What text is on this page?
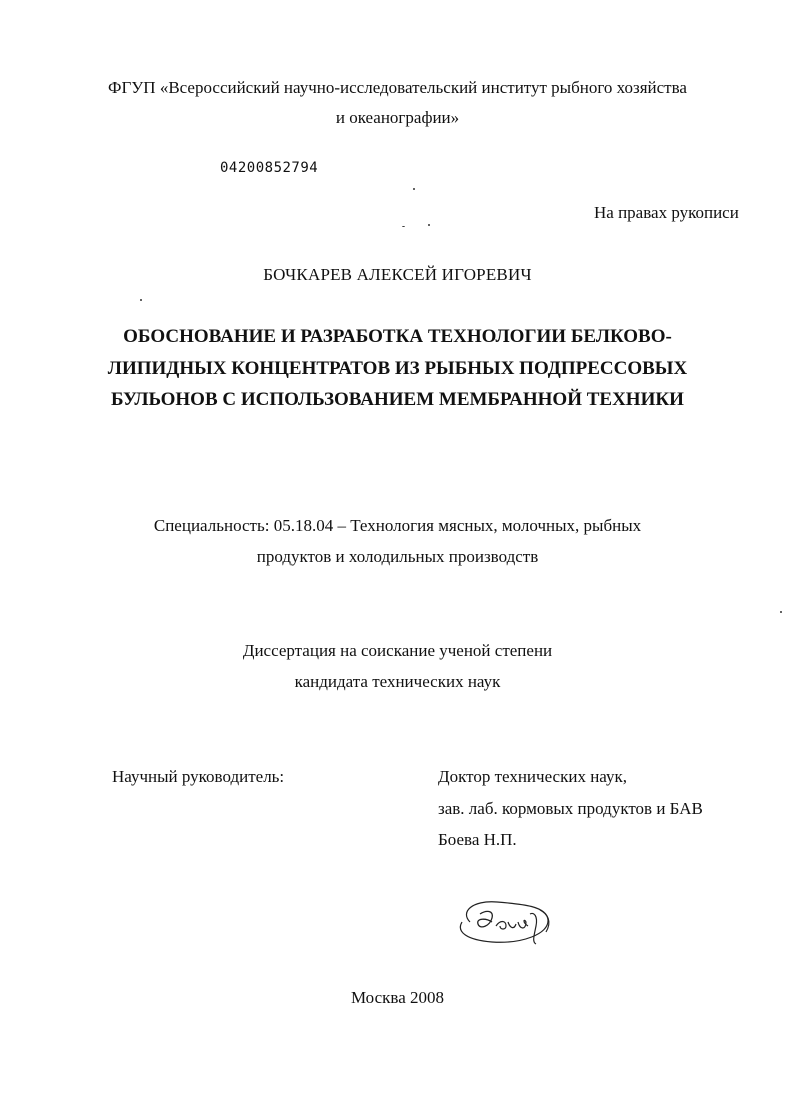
ФГУП «Всероссийский научно-исследовательский институт рыбного хозяйства
и океанографии»
04200852794
На правах рукописи
БОЧКАРЕВ АЛЕКСЕЙ ИГОРЕВИЧ
ОБОСНОВАНИЕ И РАЗРАБОТКА ТЕХНОЛОГИИ БЕЛКОВО-
ЛИПИДНЫХ КОНЦЕНТРАТОВ ИЗ РЫБНЫХ ПОДПРЕССОВЫХ
БУЛЬОНОВ С ИСПОЛЬЗОВАНИЕМ МЕМБРАННОЙ ТЕХНИКИ
Специальность: 05.18.04 – Технология мясных, молочных, рыбных
продуктов и холодильных производств
Диссертация на соискание ученой степени
кандидата технических наук
Научный руководитель:	Доктор технических наук,
зав. лаб. кормовых продуктов и БАВ
Боева Н.П.
Москва 2008
